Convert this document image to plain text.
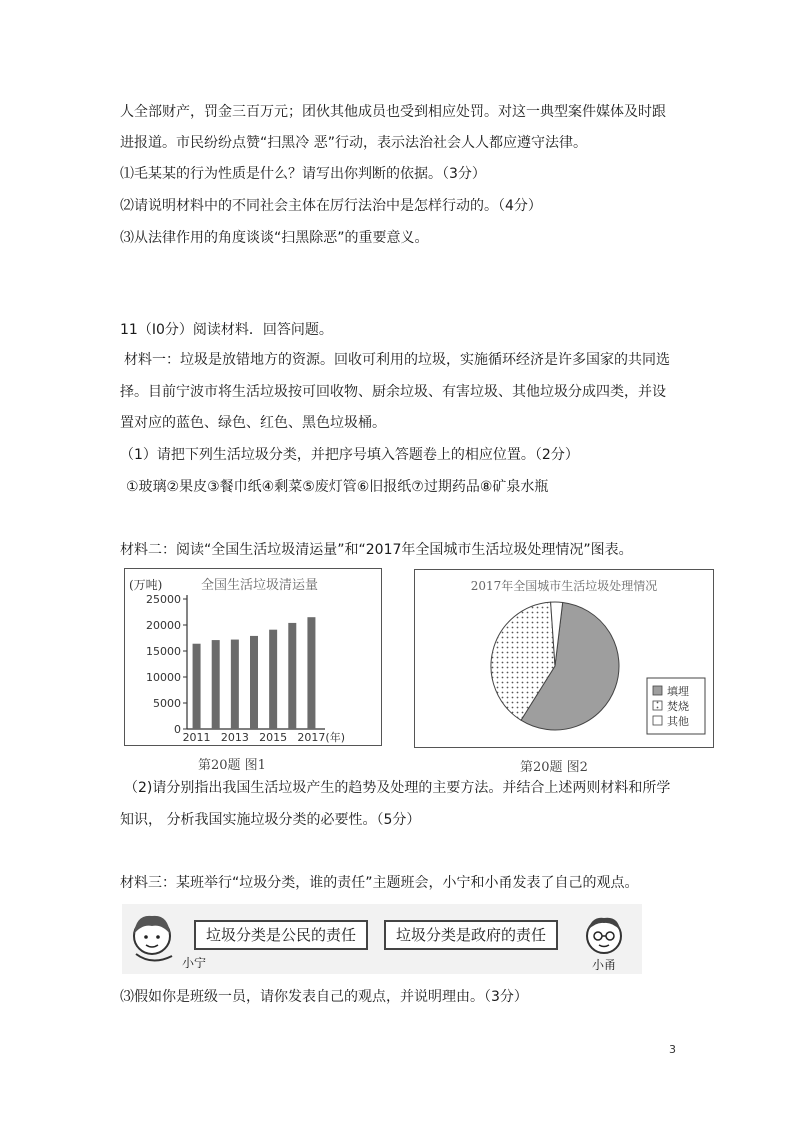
人全部财产，罚金三百万元；团伙其他成员也受到相应处罚。对这一典型案件媒体及时跟
进报道。市民纷纷点赞“扫黑冷 恶”行动，表示法治社会人人都应遵守法律。
⑴毛某某的行为性质是什么？请写出你判断的依据。（3分）
⑵请说明材料中的不同社会主体在厉行法治中是怎样行动的。（4分）
⑶从法律作用的角度谈谈“扫黑除恶”的重要意义。
11（I0分）阅读材料．回答问题。
材料一：垃圾是放错地方的资源。回收可利用的垃圾，实施循环经济是许多国家的共同选
择。目前宁波市将生活垃圾按可回收物、厨余垃圾、有害垃圾、其他垃圾分成四类，并设
置对应的蓝色、绿色、红色、黑色垃圾桶。
（1）请把下列生活垃圾分类，并把序号填入答题卷上的相应位置。（2分）
①玻璃②果皮③餐巾纸④剩菜⑤废灯管⑥旧报纸⑦过期药品⑧矿泉水瓶
材料二：阅读“全国生活垃圾清运量”和“2017年全国城市生活垃圾处理情况”图表。
(万吨)	全国生活垃圾清运量
0
5000
10000
15000
20000
25000
2011 2013 2015 2017 (年)
第20题 图1
2017年全国城市生活垃圾处理情况
填埋
焚烧
其他
第20题 图2
（2)请分别指出我国生活垃圾产生的趋势及处理的主要方法。并结合上述两则材料和所学
知识， 分析我国实施垃圾分类的必要性。（5分）
材料三：某班举行“垃圾分类，谁的责任”主题班会，小宁和小甬发表了自己的观点。
垃圾分类是公民的责任	垃圾分类是政府的责任
小宁	小甬
⑶假如你是班级一员，请你发表自己的观点，并说明理由。（3分）
3
